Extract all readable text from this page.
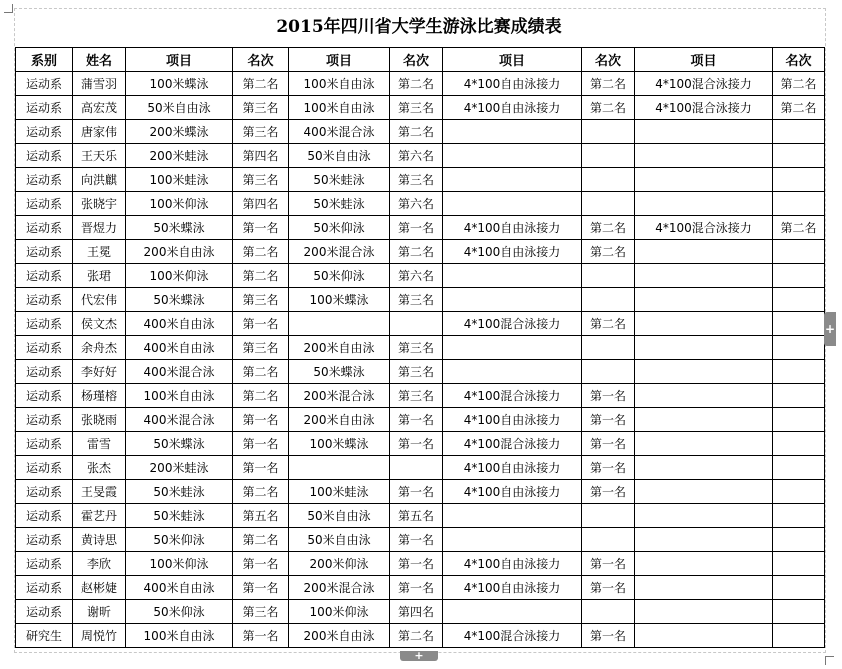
2015年四川省大学生游泳比赛成绩表
系别	姓名	项目	名次	项目	名次	项目	名次	项目	名次
运动系	蒲雪羽	100米蝶泳	第二名	100米自由泳	第二名	4*100自由泳接力	第二名	4*100混合泳接力	第二名
运动系	高宏茂	50米自由泳	第三名	100米自由泳	第三名	4*100自由泳接力	第二名	4*100混合泳接力	第二名
运动系	唐家伟	200米蝶泳	第三名	400米混合泳	第二名				
运动系	王天乐	200米蛙泳	第四名	50米自由泳	第六名				
运动系	向洪麒	100米蛙泳	第三名	50米蛙泳	第三名				
运动系	张晓宇	100米仰泳	第四名	50米蛙泳	第六名				
运动系	晋煜力	50米蝶泳	第一名	50米仰泳	第一名	4*100自由泳接力	第二名	4*100混合泳接力	第二名
运动系	王冕	200米自由泳	第二名	200米混合泳	第二名	4*100自由泳接力	第二名		
运动系	张珺	100米仰泳	第二名	50米仰泳	第六名				
运动系	代宏伟	50米蝶泳	第三名	100米蝶泳	第三名				
运动系	侯文杰	400米自由泳	第一名			4*100混合泳接力	第二名		
运动系	余舟杰	400米自由泳	第三名	200米自由泳	第三名				
运动系	李好好	400米混合泳	第二名	50米蝶泳	第三名				
运动系	杨瑾榕	100米自由泳	第二名	200米混合泳	第三名	4*100混合泳接力	第一名		
运动系	张晓雨	400米混合泳	第一名	200米自由泳	第一名	4*100自由泳接力	第一名		
运动系	雷雪	50米蝶泳	第一名	100米蝶泳	第一名	4*100混合泳接力	第一名		
运动系	张杰	200米蛙泳	第一名			4*100自由泳接力	第一名		
运动系	王旻霞	50米蛙泳	第二名	100米蛙泳	第一名	4*100自由泳接力	第一名		
运动系	霍艺丹	50米蛙泳	第五名	50米自由泳	第五名				
运动系	黄诗思	50米仰泳	第二名	50米自由泳	第一名				
运动系	李欣	100米仰泳	第一名	200米仰泳	第一名	4*100自由泳接力	第一名		
运动系	赵彬婕	400米自由泳	第一名	200米混合泳	第一名	4*100自由泳接力	第一名		
运动系	谢昕	50米仰泳	第三名	100米仰泳	第四名				
研究生	周悦竹	100米自由泳	第一名	200米自由泳	第二名	4*100混合泳接力	第一名		
+
+
